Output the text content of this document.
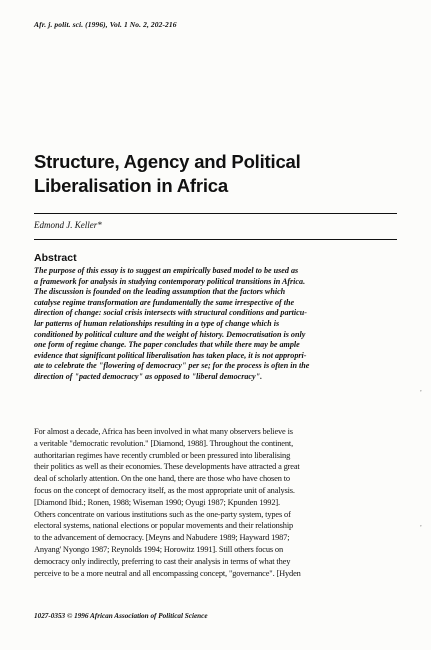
Afr. j. polit. sci. (1996), Vol. 1 No. 2, 202-216
Structure, Agency and Political
Liberalisation in Africa
Edmond J. Keller*
Abstract
The purpose of this essay is to suggest an empirically based model to be used as
a framework for analysis in studying contemporary political transitions in Africa.
The discussion is founded on the leading assumption that the factors which
catalyse regime transformation are fundamentally the same irrespective of the
direction of change: social crisis intersects with structural conditions and particu-
lar patterns of human relationships resulting in a type of change which is
conditioned by political culture and the weight of history. Democratisation is only
one form of regime change. The paper concludes that while there may be ample
evidence that significant political liberalisation has taken place, it is not appropri-
ate to celebrate the "flowering of democracy" per se; for the process is often in the
direction of "pacted democracy" as opposed to "liberal democracy".
For almost a decade, Africa has been involved in what many observers believe is
a veritable "democratic revolution." [Diamond, 1988]. Throughout the continent,
authoritarian regimes have recently crumbled or been pressured into liberalising
their politics as well as their economies. These developments have attracted a great
deal of scholarly attention. On the one hand, there are those who have chosen to
focus on the concept of democracy itself, as the most appropriate unit of analysis.
[Diamond Ibid.; Ronen, 1988; Wiseman 1990; Oyugi 1987; Kpunden 1992].
Others concentrate on various institutions such as the one-party system, types of
electoral systems, national elections or popular movements and their relationship
to the advancement of democracy. [Meyns and Nabudere 1989; Hayward 1987;
Anyang' Nyongo 1987; Reynolds 1994; Horowitz 1991]. Still others focus on
democracy only indirectly, preferring to cast their analysis in terms of what they
perceive to be a more neutral and all encompassing concept, "governance". [Hyden
1027-0353 © 1996 African Association of Political Science
,
,
